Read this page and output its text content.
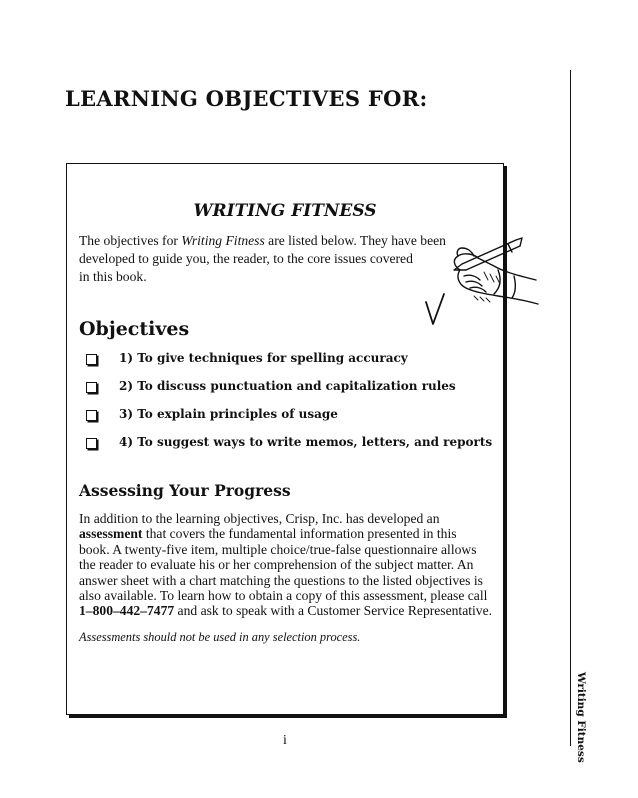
LEARNING OBJECTIVES FOR:
Writing Fitness
WRITING FITNESS

The objectives for Writing Fitness are listed below. They have been
developed to guide you, the reader, to the core issues covered
in this book.

Objectives
1) To give techniques for spelling accuracy
2) To discuss punctuation and capitalization rules
3) To explain principles of usage
4) To suggest ways to write memos, letters, and reports
Assessing Your Progress

In addition to the learning objectives, Crisp, Inc. has developed an
assessment that covers the fundamental information presented in this
book. A twenty-five item, multiple choice/true-false questionnaire allows
the reader to evaluate his or her comprehension of the subject matter. An
answer sheet with a chart matching the questions to the listed objectives is
also available. To learn how to obtain a copy of this assessment, please call
1–800–442–7477 and ask to speak with a Customer Service Representative.

Assessments should not be used in any selection process.

i
